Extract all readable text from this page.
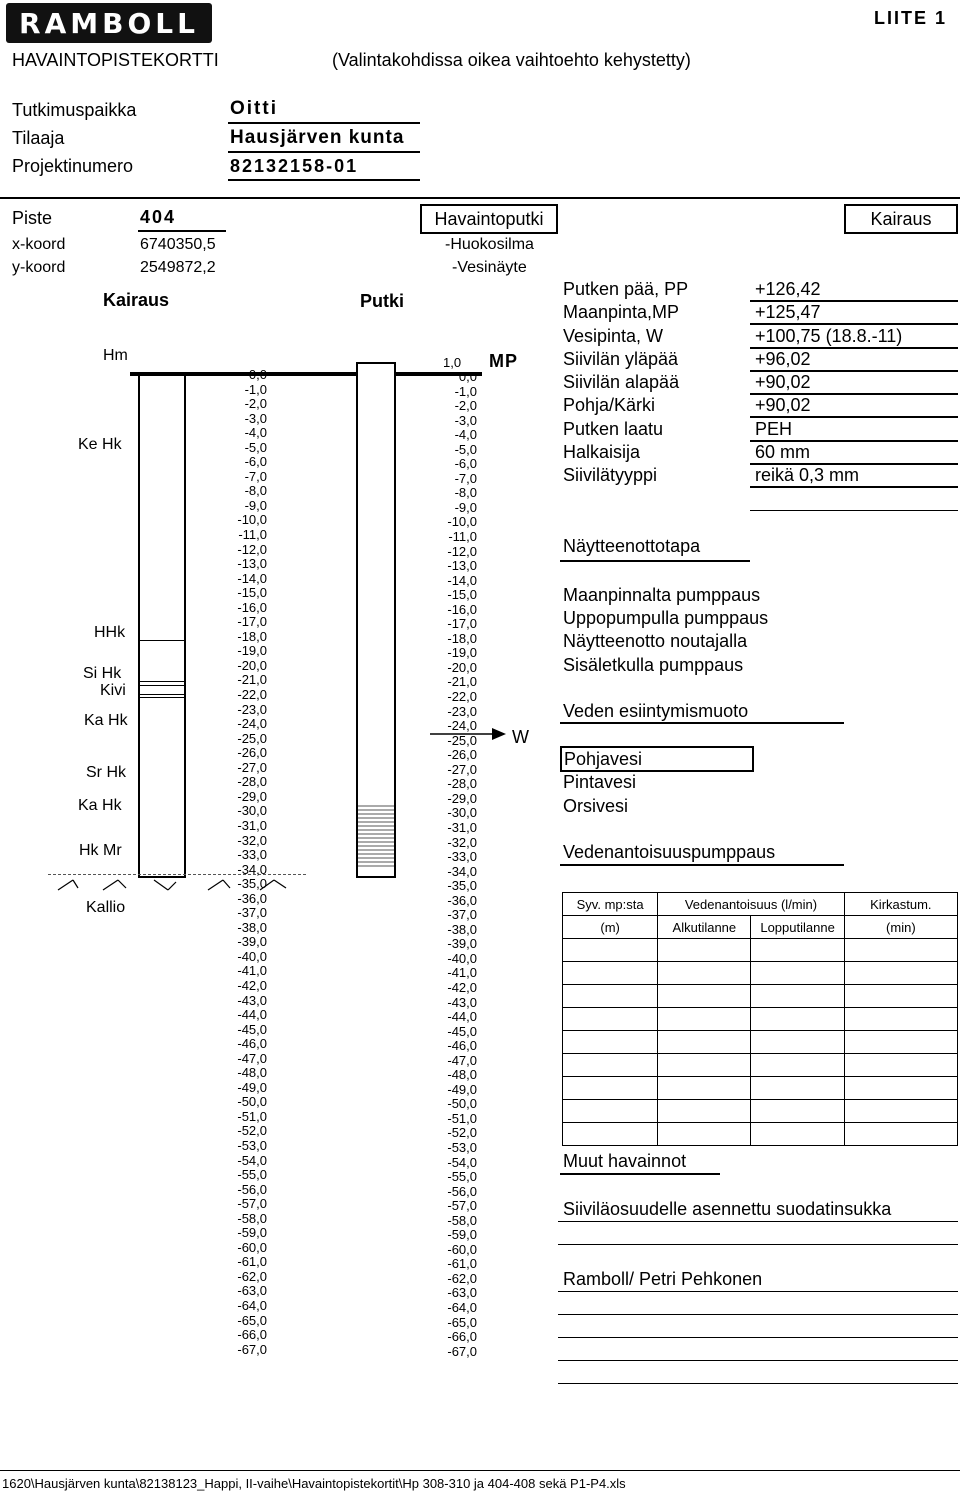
RAMBOLL	LIITE 1
HAVAINTOPISTEKORTTI	(Valintakohdissa oikea vaihtoehto kehystetty)
Tutkimuspaikka	Oitti
Tilaaja	Hausjärven kunta
Projektinumero	82132158-01
Piste	404
x-koord	6740350,5
y-koord	2549872,2
Havaintoputki	Kairaus
-Huokosilma
-Vesinäyte
Kairaus	Putki
1,0 MP
Hm
Ke Hk
HHk
Si Hk
Kivi
Ka Hk
Sr Hk
Ka Hk
Hk Mr
Kallio
0,0
-1,0
-2,0
-3,0
-4,0
-5,0
-6,0
-7,0
-8,0
-9,0
-10,0
-11,0
-12,0
-13,0
-14,0
-15,0
-16,0
-17,0
-18,0
-19,0
-20,0
-21,0
-22,0
-23,0
-24,0
-25,0
-26,0
-27,0
-28,0
-29,0
-30,0
-31,0
-32,0
-33,0
-34,0
-35,0
-36,0
-37,0
-38,0
-39,0
-40,0
-41,0
-42,0
-43,0
-44,0
-45,0
-46,0
-47,0
-48,0
-49,0
-50,0
-51,0
-52,0
-53,0
-54,0
-55,0
-56,0
-57,0
-58,0
-59,0
-60,0
-61,0
-62,0
-63,0
-64,0
-65,0
-66,0
-67,0
0,0
-1,0
-2,0
-3,0
-4,0
-5,0
-6,0
-7,0
-8,0
-9,0
-10,0
-11,0
-12,0
-13,0
-14,0
-15,0
-16,0
-17,0
-18,0
-19,0
-20,0
-21,0
-22,0
-23,0
-24,0
-25,0
-26,0
-27,0
-28,0
-29,0
-30,0
-31,0
-32,0
-33,0
-34,0
-35,0
-36,0
-37,0
-38,0
-39,0
-40,0
-41,0
-42,0
-43,0
-44,0
-45,0
-46,0
-47,0
-48,0
-49,0
-50,0
-51,0
-52,0
-53,0
-54,0
-55,0
-56,0
-57,0
-58,0
-59,0
-60,0
-61,0
-62,0
-63,0
-64,0
-65,0
-66,0
-67,0
W
Putken pää, PP	+126,42
Maanpinta,MP	+125,47
Vesipinta, W	+100,75 (18.8.-11)
Siivilän yläpää	+96,02
Siivilän alapää	+90,02
Pohja/Kärki	+90,02
Putken laatu	PEH
Halkaisija	60 mm
Siivilätyyppi	reikä 0,3 mm
Näytteenottotapa
Maanpinnalta pumppaus
Uppopumpulla pumppaus
Näytteenotto noutajalla
Sisäletkulla pumppaus
Veden esiintymismuoto
Pohjavesi
Pintavesi
Orsivesi
Vedenantoisuuspumppaus
Syv. mp:sta	Vedenantoisuus (l/min)		Kirkastum.
(m)	Alkutilanne	Lopputilanne	(min)

Muut havainnot
Siiviläosuudelle asennettu suodatinsukka
Ramboll/ Petri Pehkonen
1620\Hausjärven kunta\82138123_Happi, II-vaihe\Havaintopistekortit\Hp 308-310 ja 404-408 sekä P1-P4.xls
